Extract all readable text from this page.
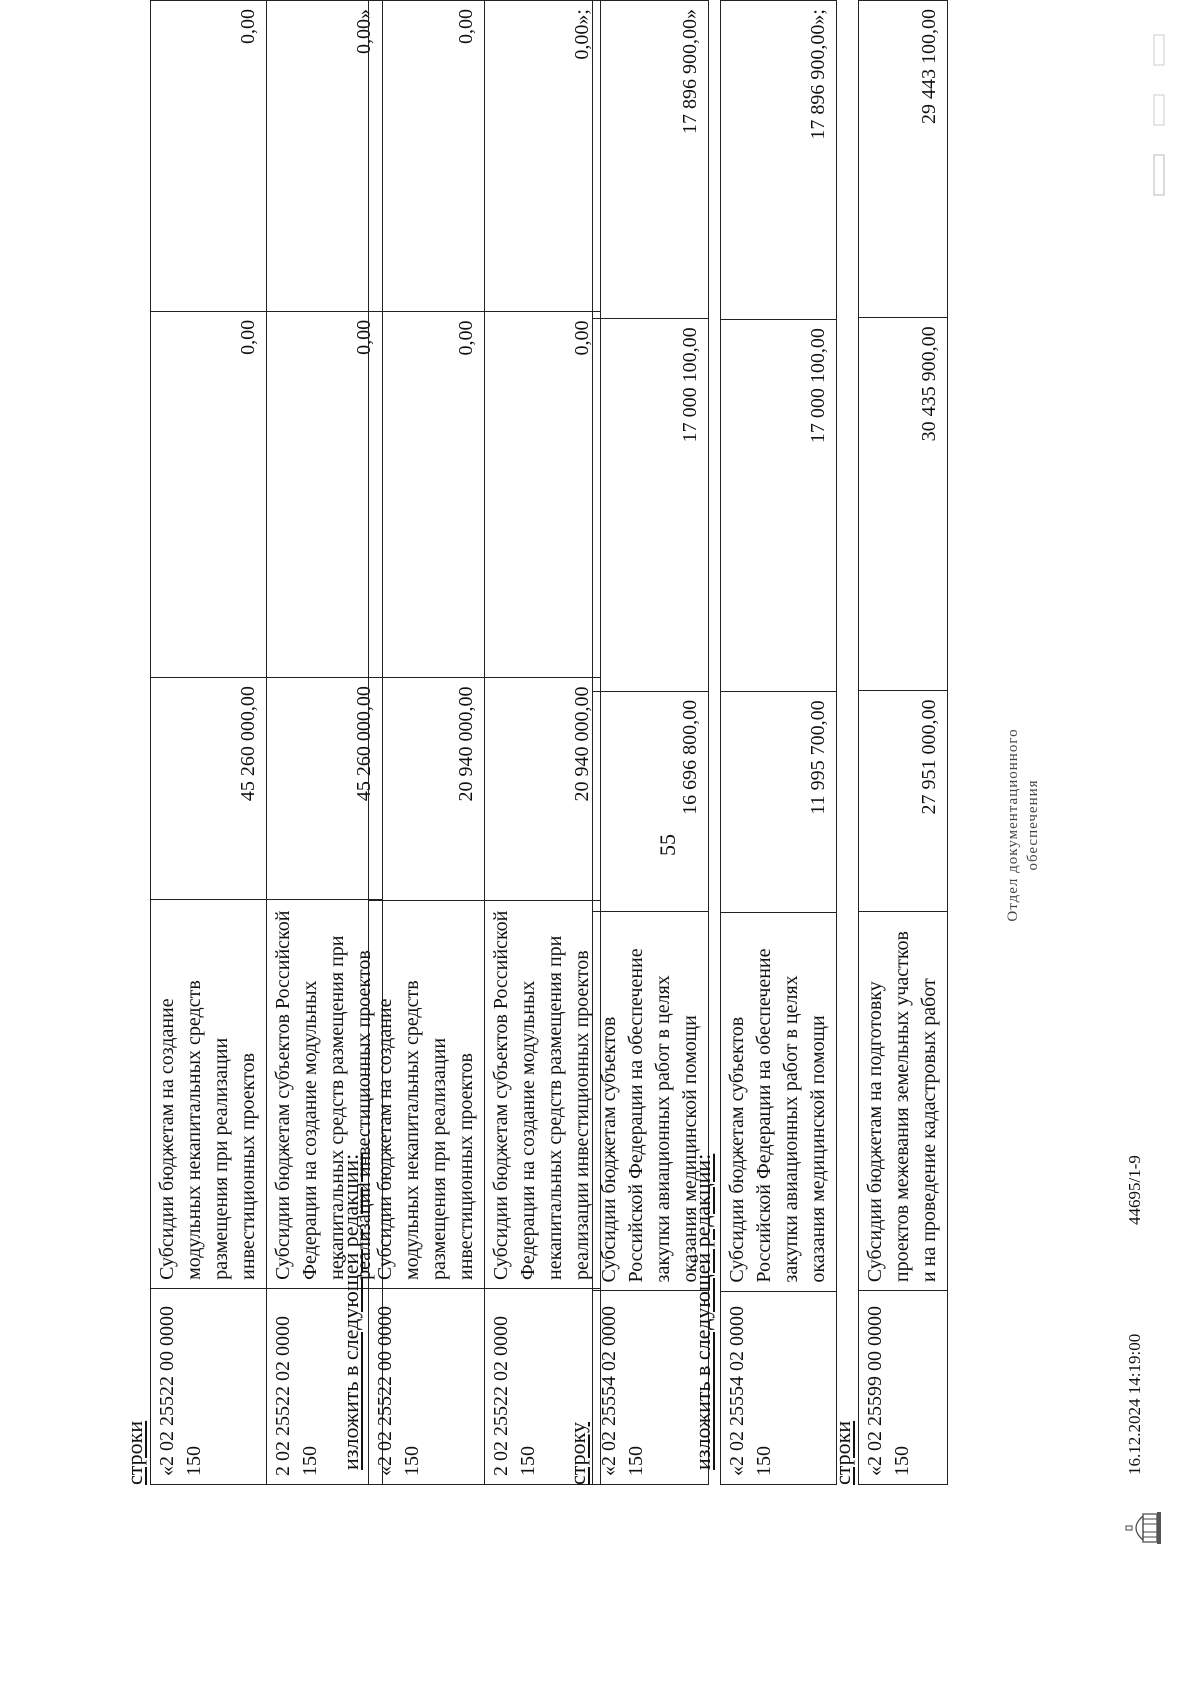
55
строки «2 02 25522 00 0000 150	Субсидии бюджетам на создание модульных некапитальных средств размещения при реализации инвестиционных проектов	45 260 000,00	0,00	0,00
2 02 25522 02 0000 150	Субсидии бюджетам субъектов Российской Федерации на создание модульных некапитальных средств размещения при реализации инвестиционных проектов	45 260 000,00	0,00	0,00»
изложить в следующей редакции: «2 02 25522 00 0000 150	Субсидии бюджетам на создание модульных некапитальных средств размещения при реализации инвестиционных проектов	20 940 000,00	0,00	0,00
2 02 25522 02 0000 150	Субсидии бюджетам субъектов Российской Федерации на создание модульных некапитальных средств размещения при реализации инвестиционных проектов	20 940 000,00	0,00	0,00»;
строку «2 02 25554 02 0000 150	Субсидии бюджетам субъектов Российской Федерации на обеспечение закупки авиационных работ в целях оказания медицинской помощи	16 696 800,00	17 000 100,00	17 896 900,00»
изложить в следующей редакции: «2 02 25554 02 0000 150	Субсидии бюджетам субъектов Российской Федерации на обеспечение закупки авиационных работ в целях оказания медицинской помощи	11 995 700,00	17 000 100,00	17 896 900,00»;
строки «2 02 25599 00 0000 150	Субсидии бюджетам на подготовку проектов межевания земельных участков и на проведение кадастровых работ	27 951 000,00	30 435 900,00	29 443 100,00
16.12.2024 14:19:00
44695/1-9
Отдел документационного обеспечения
